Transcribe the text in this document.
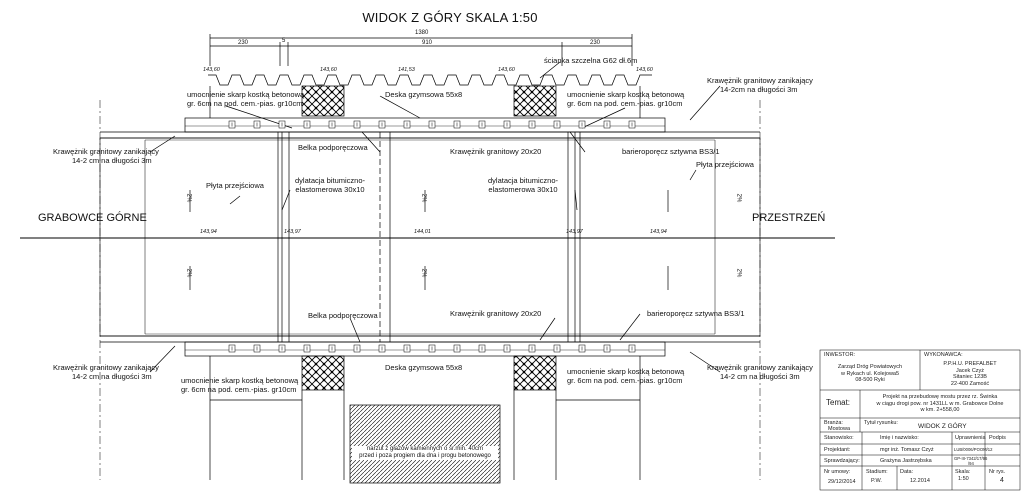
WIDOK Z GÓRY SKALA 1:50
1380
230	5	910	230
143,60	143,60	141,53	143,60	143,60
143,94	143,97	144,01	143,97	143,94
GRABOWCE GÓRNE	PRZESTRZEŃ
2%
2%
2%
2%
2%
2%
ścianka szczelna G62 dł.6m
umocnienie skarp kostką betonową
gr. 6cm na pod. cem.-pias. gr10cm
umocnienie skarp kostką betonową
gr. 6cm na pod. cem.-pias. gr10cm
Deska gzymsowa 55x8
Krawężnik granitowy zanikający
14-2cm na długości 3m
Krawężnik granitowy zanikający
14-2 cm na długości 3m
Belka podporęczowa	Krawężnik granitowy 20x20	barieroporęcz sztywna BS3/1
Płyta przejściowa
Płyta przejściowa
dylatacja bitumiczno-
elastomerowa 30x10
dylatacja bitumiczno-
elastomerowa 30x10
Belka podporęczowa	Krawężnik granitowy 20x20	barieroporęcz sztywna BS3/1
Krawężnik granitowy zanikający
14-2 cm na długości 3m
Krawężnik granitowy zanikający
14-2 cm na długości 3m
Deska gzymsowa 55x8
umocnienie skarp kostką betonową
gr. 6cm na pod. cem.-pias. gr10cm
umocnienie skarp kostką betonową
gr. 6cm na pod. cem.-pias. gr10cm
narzut z głazów kamiennych o śr.min. 40cm
przed i poza progiem dla dna i progu betonowego
INWESTOR:
Zarząd Dróg Powiatowych
w Rykach ul. Kolejowa5
08-500 Ryki
WYKONAWCA:
P.P.H.U. PREFALBET
Jacek Czyż
Sitaniec 123B
22-400 Zamość
Temat:
Projekt na przebudowę mostu przez rz. Świnka
w ciągu drogi pow. nr 1431LL w m. Grabowce Dolne
w km. 2+558,00
Branża:
Mostowa
Tytuł rysunku:	WIDOK Z GÓRY
Stanowisko:	Imię i nazwisko:	Uprawnienia Podpis
Projektant:	mgr inż. Tomasz Czyż	LUB/0006/POOM/12
Sprawdzający:	Grażyna Jastrzębska	GP-III-7342/17/96
/94
Nr umowy:
29/12/2014
Stadium:
P.W.
Data:
12.2014
Skala:
1:50
Nr rys.
4
